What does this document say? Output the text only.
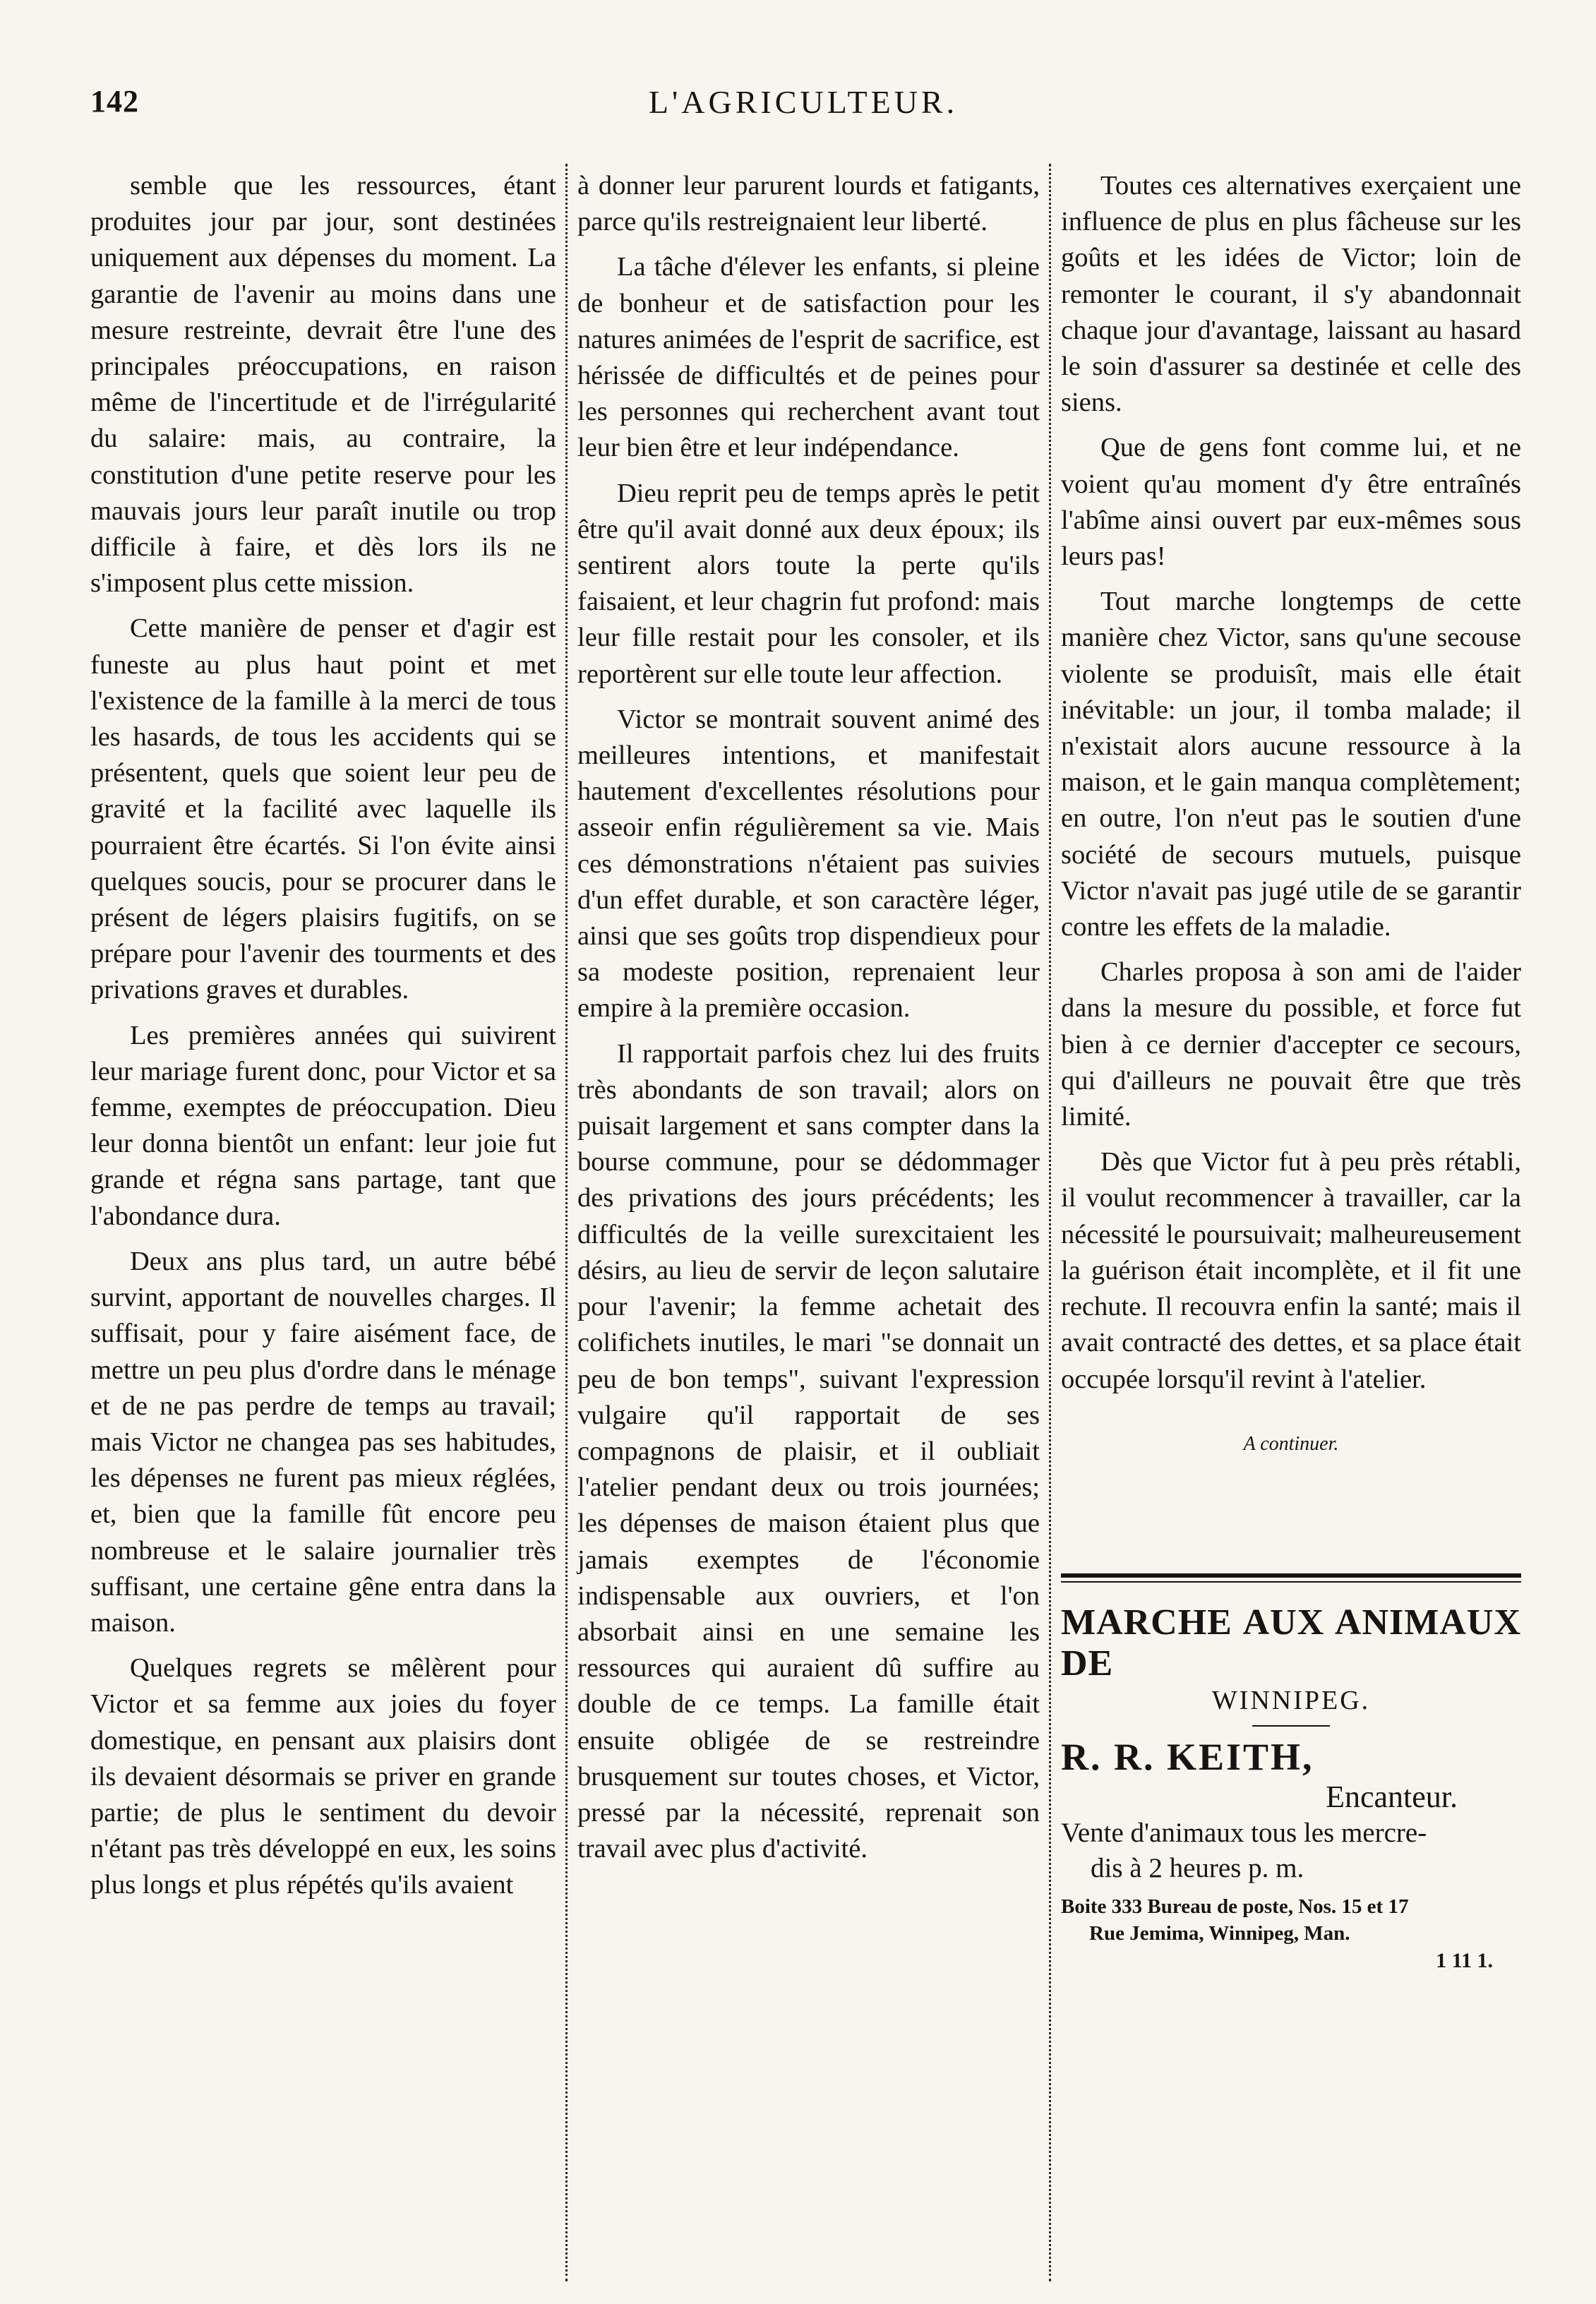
142	L'AGRICULTEUR.

semble que les ressources, étant produites jour par jour, sont destinées uniquement aux dépenses du moment. La garantie de l'avenir au moins dans une mesure restreinte, devrait être l'une des principales préoccupations, en raison même de l'incertitude et de l'irrégularité du salaire: mais, au contraire, la constitution d'une petite reserve pour les mauvais jours leur paraît inutile ou trop difficile à faire, et dès lors ils ne s'imposent plus cette mission.

Cette manière de penser et d'agir est funeste au plus haut point et met l'existence de la famille à la merci de tous les hasards, de tous les accidents qui se présentent, quels que soient leur peu de gravité et la facilité avec laquelle ils pourraient être écartés. Si l'on évite ainsi quelques soucis, pour se procurer dans le présent de légers plaisirs fugitifs, on se prépare pour l'avenir des tourments et des privations graves et durables.

Les premières années qui suivirent leur mariage furent donc, pour Victor et sa femme, exemptes de préoccupation. Dieu leur donna bientôt un enfant: leur joie fut grande et régna sans partage, tant que l'abondance dura.

Deux ans plus tard, un autre bébé survint, apportant de nouvelles charges. Il suffisait, pour y faire aisément face, de mettre un peu plus d'ordre dans le ménage et de ne pas perdre de temps au travail; mais Victor ne changea pas ses habitudes, les dépenses ne furent pas mieux réglées, et, bien que la famille fût encore peu nombreuse et le salaire journalier très suffisant, une certaine gêne entra dans la maison.

Quelques regrets se mêlèrent pour Victor et sa femme aux joies du foyer domestique, en pensant aux plaisirs dont ils devaient désormais se priver en grande partie; de plus le sentiment du devoir n'étant pas très développé en eux, les soins plus longs et plus répétés qu'ils avaient

à donner leur parurent lourds et fatigants, parce qu'ils restreignaient leur liberté.

La tâche d'élever les enfants, si pleine de bonheur et de satisfaction pour les natures animées de l'esprit de sacrifice, est hérissée de difficultés et de peines pour les personnes qui recherchent avant tout leur bien être et leur indépendance.

Dieu reprit peu de temps après le petit être qu'il avait donné aux deux époux; ils sentirent alors toute la perte qu'ils faisaient, et leur chagrin fut profond: mais leur fille restait pour les consoler, et ils reportèrent sur elle toute leur affection.

Victor se montrait souvent animé des meilleures intentions, et manifestait hautement d'excellentes résolutions pour asseoir enfin régulièrement sa vie. Mais ces démonstrations n'étaient pas suivies d'un effet durable, et son caractère léger, ainsi que ses goûts trop dispendieux pour sa modeste position, reprenaient leur empire à la première occasion.

Il rapportait parfois chez lui des fruits très abondants de son travail; alors on puisait largement et sans compter dans la bourse commune, pour se dédommager des privations des jours précédents; les difficultés de la veille surexcitaient les désirs, au lieu de servir de leçon salutaire pour l'avenir; la femme achetait des colifichets inutiles, le mari "se donnait un peu de bon temps", suivant l'expression vulgaire qu'il rapportait de ses compagnons de plaisir, et il oubliait l'atelier pendant deux ou trois journées; les dépenses de maison étaient plus que jamais exemptes de l'économie indispensable aux ouvriers, et l'on absorbait ainsi en une semaine les ressources qui auraient dû suffire au double de ce temps. La famille était ensuite obligée de se restreindre brusquement sur toutes choses, et Victor, pressé par la nécessité, reprenait son travail avec plus d'activité.

Toutes ces alternatives exerçaient une influence de plus en plus fâcheuse sur les goûts et les idées de Victor; loin de remonter le courant, il s'y abandonnait chaque jour d'avantage, laissant au hasard le soin d'assurer sa destinée et celle des siens.

Que de gens font comme lui, et ne voient qu'au moment d'y être entraînés l'abîme ainsi ouvert par eux-mêmes sous leurs pas!

Tout marche longtemps de cette manière chez Victor, sans qu'une secouse violente se produisît, mais elle était inévitable: un jour, il tomba malade; il n'existait alors aucune ressource à la maison, et le gain manqua complètement; en outre, l'on n'eut pas le soutien d'une société de secours mutuels, puisque Victor n'avait pas jugé utile de se garantir contre les effets de la maladie.

Charles proposa à son ami de l'aider dans la mesure du possible, et force fut bien à ce dernier d'accepter ce secours, qui d'ailleurs ne pouvait être que très limité.

Dès que Victor fut à peu près rétabli, il voulut recommencer à travailler, car la nécessité le poursuivait; malheureusement la guérison était incomplète, et il fit une rechute. Il recouvra enfin la santé; mais il avait contracté des dettes, et sa place était occupée lorsqu'il revint à l'atelier.

A continuer.
MARCHE AUX ANIMAUX DE
WINNIPEG.
R. R. KEITH,
Encanteur.
Vente d'animaux tous les mercre-
dis à 2 heures p. m.
Boite 333 Bureau de poste, Nos. 15 et 17
Rue Jemima, Winnipeg, Man.
1 11 1.
